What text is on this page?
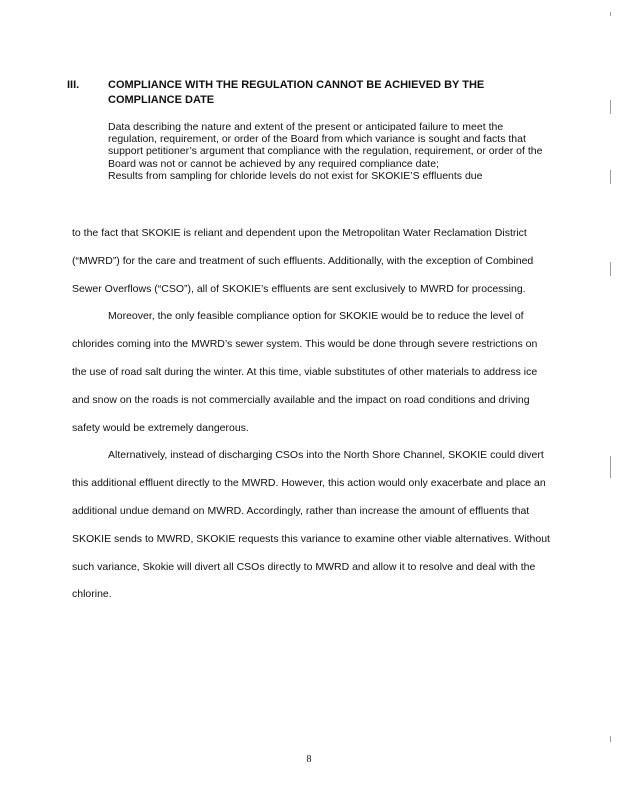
III.	COMPLIANCE WITH THE REGULATION CANNOT BE ACHIEVED BY THE COMPLIANCE DATE

Data describing the nature and extent of the present or anticipated failure to meet the regulation, requirement, or order of the Board from which variance is sought and facts that support petitioner’s argument that compliance with the regulation, requirement, or order of the Board was not or cannot be achieved by any required compliance date;

Results from sampling for chloride levels do not exist for SKOKIE’S effluents due

to the fact that SKOKIE is reliant and dependent upon the Metropolitan Water Reclamation District (“MWRD”) for the care and treatment of such effluents. Additionally, with the exception of Combined Sewer Overflows (“CSO”), all of SKOKIE’s effluents are sent exclusively to MWRD for processing.

Moreover, the only feasible compliance option for SKOKIE would be to reduce the level of chlorides coming into the MWRD’s sewer system. This would be done through severe restrictions on the use of road salt during the winter. At this time, viable substitutes of other materials to address ice and snow on the roads is not commercially available and the impact on road conditions and driving safety would be extremely dangerous.

Alternatively, instead of discharging CSOs into the North Shore Channel, SKOKIE could divert this additional effluent directly to the MWRD. However, this action would only exacerbate and place an additional undue demand on MWRD. Accordingly, rather than increase the amount of effluents that SKOKIE sends to MWRD, SKOKIE requests this variance to examine other viable alternatives. Without such variance, Skokie will divert all CSOs directly to MWRD and allow it to resolve and deal with the chlorine.

8
